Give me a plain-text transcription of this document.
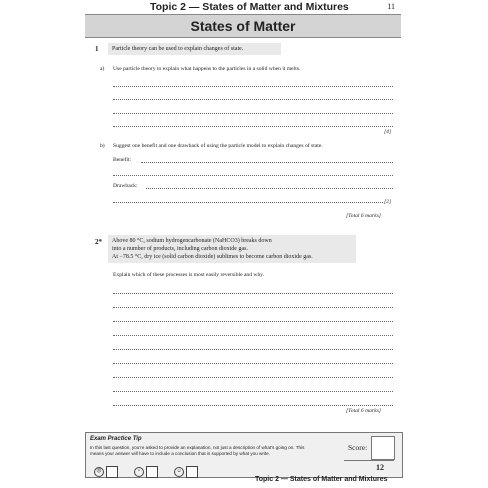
Topic 2 — States of Matter and Mixtures	11
States of Matter
1	Particle theory can be used to explain changes of state.
a) Use particle theory to explain what happens to the particles in a solid when it melts.
[4]
b) Suggest one benefit and one drawback of using the particle model to explain changes of state.
Benefit:
Drawback:
[2]
[Total 6 marks]
2* Above 80 °C, sodium hydrogencarbonate (NaHCO3) breaks down
into a number of products, including carbon dioxide gas.
At −78.5 °C, dry ice (solid carbon dioxide) sublimes to become carbon dioxide gas.
Explain which of these processes is most easily reversible and why.
[Total 6 marks]
Exam Practice Tip
In this last question, you're asked to provide an explanation, not just a description of what's going on. This means your answer will have to include a conclusion that is supported by what you write.
Score:
12
☹	•	☺
Topic 2 — States of Matter and Mixtures
